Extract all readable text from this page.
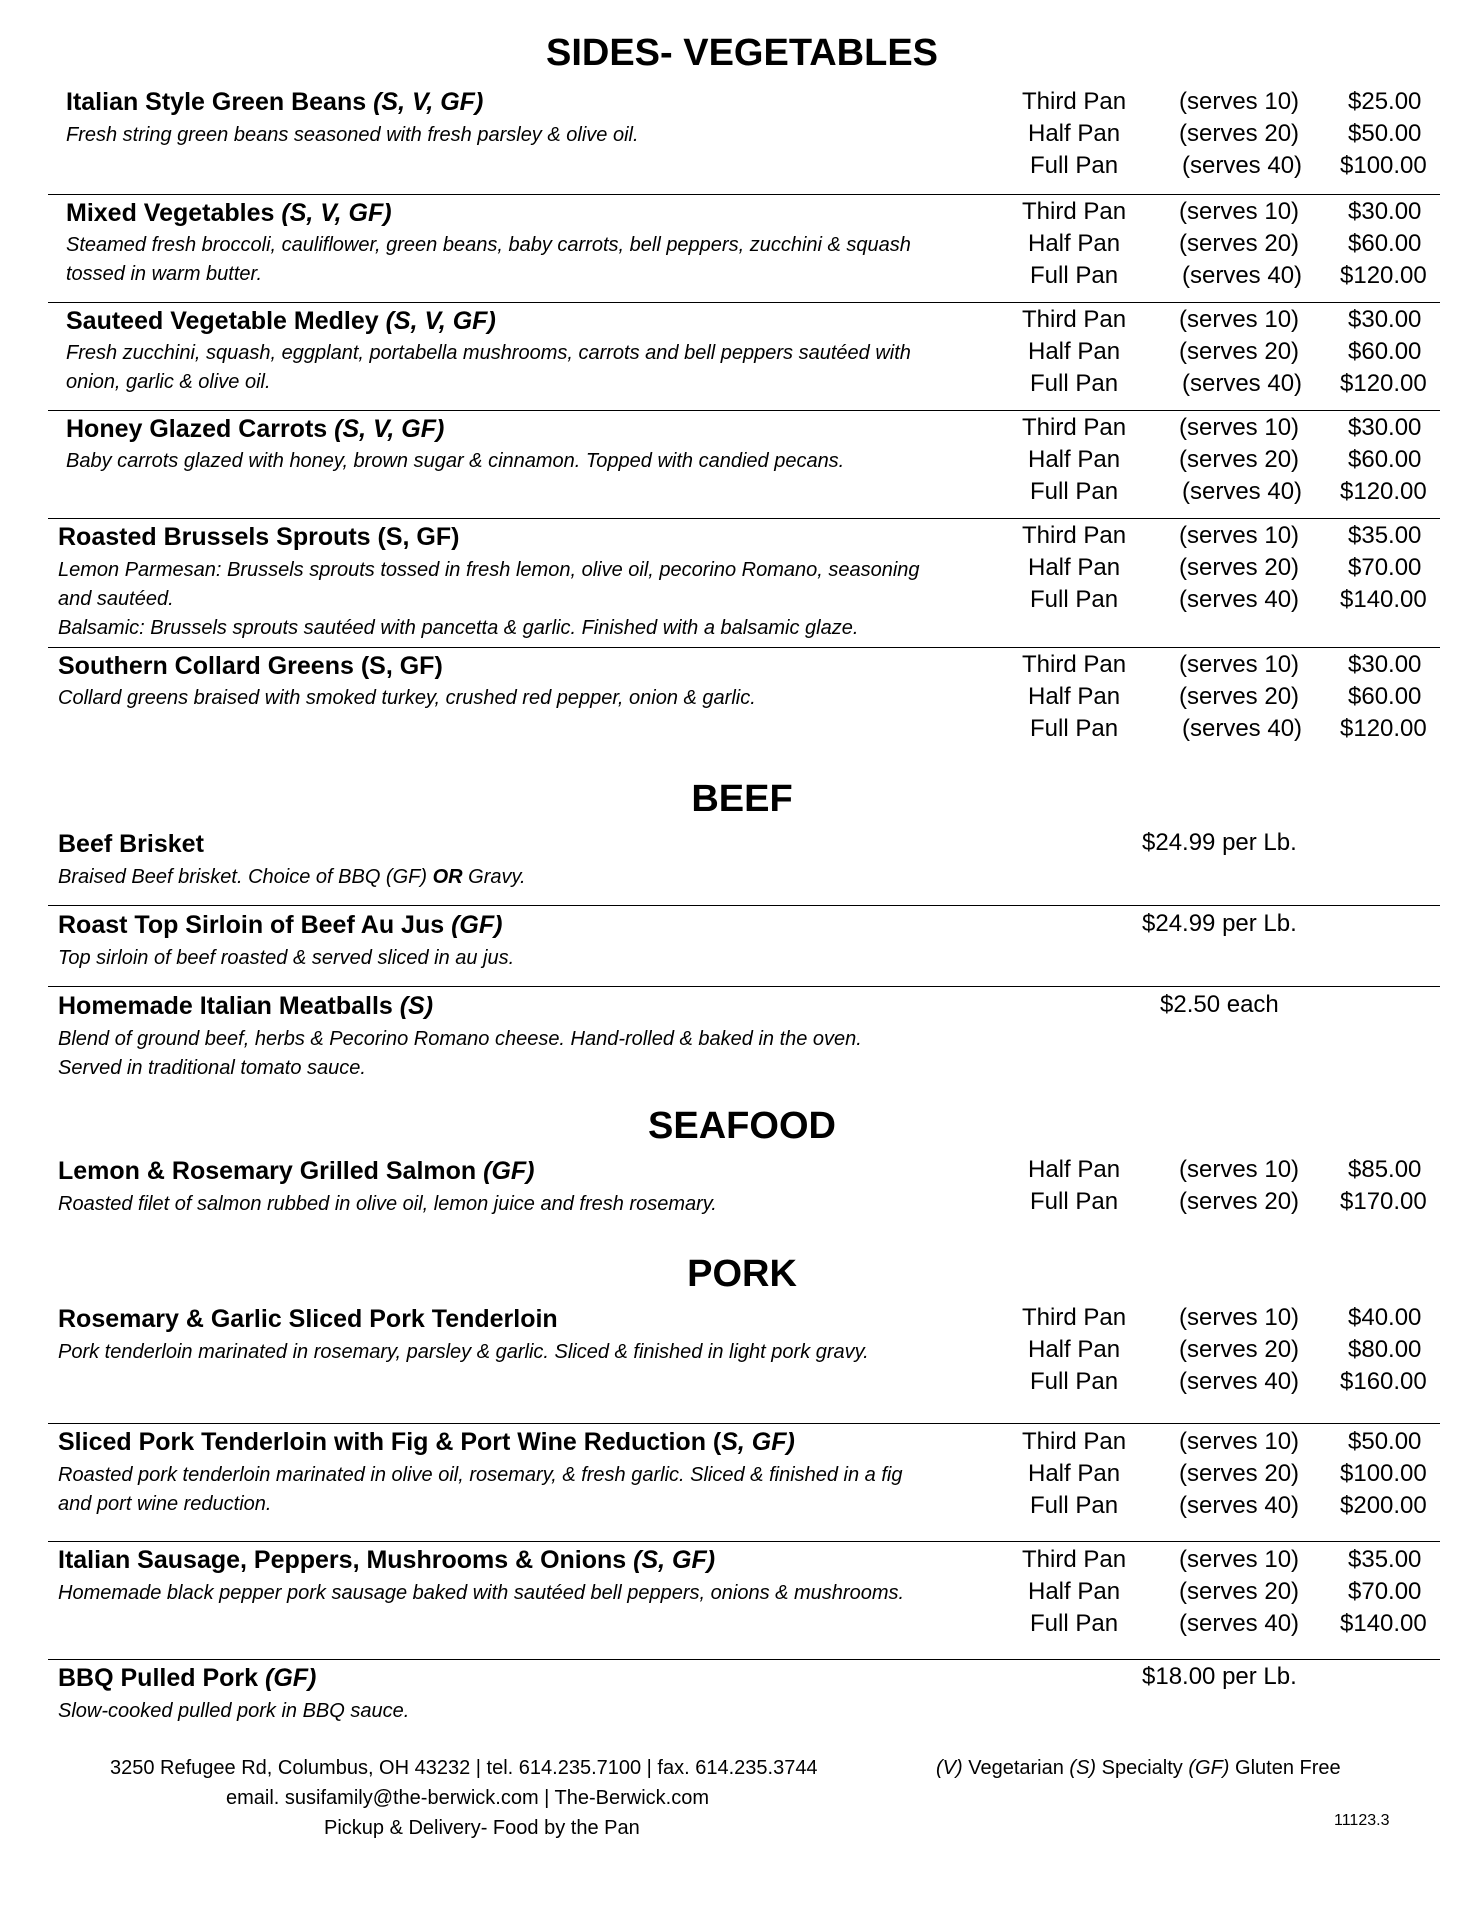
SIDES- VEGETABLES
Italian Style Green Beans (S, V, GF)
Fresh string green beans seasoned with fresh parsley & olive oil.
Third Pan (serves 10) $25.00
Half Pan (serves 20) $50.00
Full Pan	(serves 40) $100.00
Mixed Vegetables (S, V, GF)
Steamed fresh broccoli, cauliflower, green beans, baby carrots, bell peppers, zucchini & squash
tossed in warm butter.
Third Pan (serves 10) $30.00
Half Pan (serves 20) $60.00
Full Pan	(serves 40) $120.00
Sauteed Vegetable Medley (S, V, GF)
Fresh zucchini, squash, eggplant, portabella mushrooms, carrots and bell peppers sautéed with
onion, garlic & olive oil.
Third Pan (serves 10) $30.00
Half Pan (serves 20) $60.00
Full Pan	(serves 40) $120.00
Honey Glazed Carrots (S, V, GF)
Baby carrots glazed with honey, brown sugar & cinnamon. Topped with candied pecans.
Third Pan (serves 10) $30.00
Half Pan (serves 20) $60.00
Full Pan	(serves 40) $120.00
Roasted Brussels Sprouts (S, GF)
Lemon Parmesan: Brussels sprouts tossed in fresh lemon, olive oil, pecorino Romano, seasoning
and sautéed.
Balsamic: Brussels sprouts sautéed with pancetta & garlic. Finished with a balsamic glaze.
Third Pan (serves 10) $35.00
Half Pan (serves 20) $70.00
Full Pan	(serves 40) $140.00
Southern Collard Greens (S, GF)
Collard greens braised with smoked turkey, crushed red pepper, onion & garlic.
Third Pan (serves 10) $30.00
Half Pan (serves 20) $60.00
Full Pan	(serves 40) $120.00
BEEF
Beef Brisket
Braised Beef brisket. Choice of BBQ (GF) OR Gravy.
$24.99 per Lb.
Roast Top Sirloin of Beef Au Jus (GF)
Top sirloin of beef roasted & served sliced in au jus.
$24.99 per Lb.
Homemade Italian Meatballs (S)
Blend of ground beef, herbs & Pecorino Romano cheese. Hand-rolled & baked in the oven.
Served in traditional tomato sauce.
$2.50 each
SEAFOOD
Lemon & Rosemary Grilled Salmon (GF)
Roasted filet of salmon rubbed in olive oil, lemon juice and fresh rosemary.
Half Pan (serves 10) $85.00
Full Pan	(serves 20) $170.00
PORK
Rosemary & Garlic Sliced Pork Tenderloin
Pork tenderloin marinated in rosemary, parsley & garlic. Sliced & finished in light pork gravy.
Third Pan (serves 10) $40.00
Half Pan (serves 20) $80.00
Full Pan	(serves 40) $160.00
Sliced Pork Tenderloin with Fig & Port Wine Reduction (S, GF)
Roasted pork tenderloin marinated in olive oil, rosemary, & fresh garlic. Sliced & finished in a fig
and port wine reduction.
Third Pan (serves 10) $50.00
Half Pan (serves 20) $100.00
Full Pan	(serves 40) $200.00
Italian Sausage, Peppers, Mushrooms & Onions (S, GF)
Homemade black pepper pork sausage baked with sautéed bell peppers, onions & mushrooms.
Third Pan (serves 10) $35.00
Half Pan (serves 20) $70.00
Full Pan	(serves 40) $140.00
BBQ Pulled Pork (GF)
Slow-cooked pulled pork in BBQ sauce.
$18.00 per Lb.
3250 Refugee Rd, Columbus, OH 43232 | tel. 614.235.7100 | fax. 614.235.3744	(V) Vegetarian (S) Specialty (GF) Gluten Free
email. susifamily@the-berwick.com | The-Berwick.com
Pickup & Delivery- Food by the Pan	11123.3
